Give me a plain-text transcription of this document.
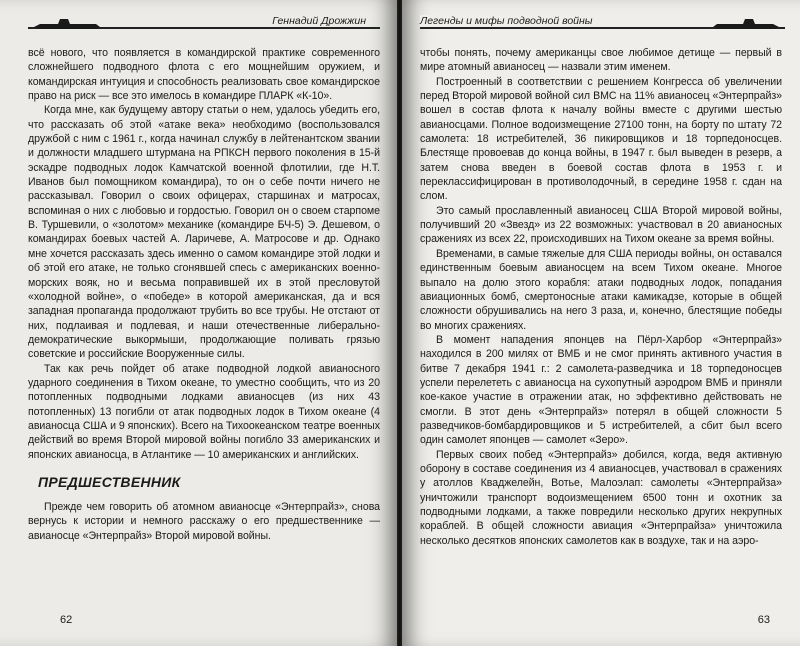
Геннадий Дрожжин

всё нового, что появляется в командирской практике современного сложнейшего подводного флота с его мощнейшим оружием, и командирская интуиция и способность реализовать свое командирское право на риск — все это имелось в командире ПЛАРК «К-10».

Когда мне, как будущему автору статьи о нем, удалось убедить его, что рассказать об этой «атаке века» необходимо (воспользовался дружбой с ним с 1961 г., когда начинал службу в лейтенантском звании и должности младшего штурмана на РПКСН первого поколения в 15-й эскадре подводных лодок Камчатской военной флотилии, где Н.Т. Иванов был помощником командира), то он о себе почти ничего не рассказывал. Говорил о своих офицерах, старшинах и матросах, вспоминая о них с любовью и гордостью. Говорил он о своем старпоме В. Туршевили, о «золотом» механике (командире БЧ-5) Э. Дешевом, о командирах боевых частей А. Ларичеве, А. Матросове и др. Однако мне хочется рассказать здесь именно о самом командире этой лодки и об этой его атаке, не только сгонявшей спесь с американских военно-морских вояк, но и весьма поправившей их в этой пресловутой «холодной войне», о «победе» в которой американская, да и вся западная пропаганда продолжают трубить во все трубы. Не отстают от них, подлаивая и подлевая, и наши отечественные либерально-демократические выкормыши, продолжающие поливать грязью советские и российские Вооруженные силы.

Так как речь пойдет об атаке подводной лодкой авианосного ударного соединения в Тихом океане, то уместно сообщить, что из 20 потопленных подводными лодками авианосцев (из них 43 потопленных) 13 погибли от атак подводных лодок в Тихом океане (4 авианосца США и 9 японских). Всего на Тихоокеанском театре военных действий во время Второй мировой войны погибло 33 американских и японских авианосца, в Атлантике — 10 американских и английских.

ПРЕДШЕСТВЕННИК

Прежде чем говорить об атомном авианосце «Энтерпрайз», снова вернусь к истории и немного расскажу о его предшественнике — авианосце «Энтерпрайз» Второй мировой войны.

62
Легенды и мифы подводной войны

чтобы понять, почему американцы свое любимое детище — первый в мире атомный авианосец — назвали этим именем.

Построенный в соответствии с решением Конгресса об увеличении перед Второй мировой войной сил ВМС на 11% авианосец «Энтерпрайз» вошел в состав флота к началу войны вместе с другими шестью авианосцами. Полное водоизмещение 27100 тонн, на борту по штату 72 самолета: 18 истребителей, 36 пикировщиков и 18 торпедоносцев. Блестяще провоевав до конца войны, в 1947 г. был выведен в резерв, а затем снова введен в боевой состав флота в 1953 г. и переклассифицирован в противолодочный, в середине 1958 г. сдан на слом.

Это самый прославленный авианосец США Второй мировой войны, получивший 20 «Звезд» из 22 возможных: участвовал в 20 авианосных сражениях из всех 22, происходивших на Тихом океане за время войны.

Временами, в самые тяжелые для США периоды войны, он оставался единственным боевым авианосцем на всем Тихом океане. Многое выпало на долю этого корабля: атаки подводных лодок, попадания авиационных бомб, смертоносные атаки камикадзе, которые в общей сложности обрушивались на него 3 раза, и, конечно, блестящие победы во многих сражениях.

В момент нападения японцев на Пёрл-Харбор «Энтерпрайз» находился в 200 милях от ВМБ и не смог принять активного участия в битве 7 декабря 1941 г.: 2 самолета-разведчика и 18 торпедоносцев успели перелететь с авианосца на сухопутный аэродром ВМБ и приняли кое-какое участие в отражении атак, но эффективно действовать не смогли. В этот день «Энтерпрайз» потерял в общей сложности 5 разведчиков-бомбардировщиков и 5 истребителей, а сбит был всего один самолет японцев — самолет «Зеро».

Первых своих побед «Энтерпрайз» добился, когда, ведя активную оборону в составе соединения из 4 авианосцев, участвовал в сражениях у атоллов Кваджелейн, Вотье, Малоэлап: самолеты «Энтерпрайза» уничтожили транспорт водоизмещением 6500 тонн и охотник за подводными лодками, а также повредили несколько других некрупных кораблей. В общей сложности авиация «Энтерпрайза» уничтожила несколько десятков японских самолетов как в воздухе, так и на аэро-

63
